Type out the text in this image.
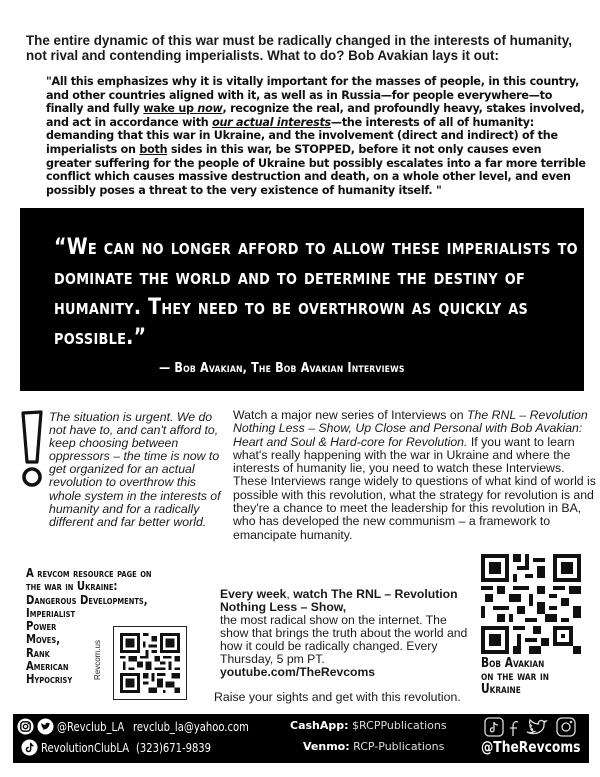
The entire dynamic of this war must be radically changed in the interests of humanity,
not rival and contending imperialists. What to do? Bob Avakian lays it out:
"All this emphasizes why it is vitally important for the masses of people, in this country, and other countries aligned with it, as well as in Russia—for people everywhere—to finally and fully wake up now, recognize the real, and profoundly heavy, stakes involved, and act in accordance with our actual interests—the interests of all of humanity: demanding that this war in Ukraine, and the involvement (direct and indirect) of the imperialists on both sides in this war, be STOPPED, before it not only causes even greater suffering for the people of Ukraine but possibly escalates into a far more terrible conflict which causes massive destruction and death, on a whole other level, and even possibly poses a threat to the very existence of humanity itself. "
“We can no longer afford to allow these imperialists to dominate the world and to determine the destiny of humanity. They need to be overthrown as quickly as possible.”
— Bob Avakian, The Bob Avakian Interviews
The situation is urgent. We do not have to, and can't afford to, keep choosing between oppressors – the time is now to get organized for an actual revolution to overthrow this whole system in the interests of humanity and for a radically different and far better world.
Watch a major new series of Interviews on The RNL – Revolution Nothing Less – Show, Up Close and Personal with Bob Avakian: Heart and Soul & Hard-core for Revolution. If you want to learn what's really happening with the war in Ukraine and where the interests of humanity lie, you need to watch these Interviews. These Interviews range widely to questions of what kind of world is possible with this revolution, what the strategy for revolution is and they're a chance to meet the leadership for this revolution in BA, who has developed the new communism – a framework to emancipate humanity.
A revcom resource page on
the war in Ukraine:
Dangerous Developments,
Imperialist
Power
Moves,
Rank
American
Hypocrisy	Revcom.us
Every week, watch The RNL – Revolution Nothing Less – Show,
the most radical show on the internet. The show that brings the truth about the world and how it could be radically changed. Every Thursday, 5 pm PT.
youtube.com/TheRevcoms
Raise your sights and get with this revolution.
Bob Avakian
on the war in
Ukraine
@Revclub_LA revclub_la@yahoo.com
RevolutionClubLA (323)671-9839
CashApp: $RCPPublications
Venmo: RCP-Publications @TheRevcoms
